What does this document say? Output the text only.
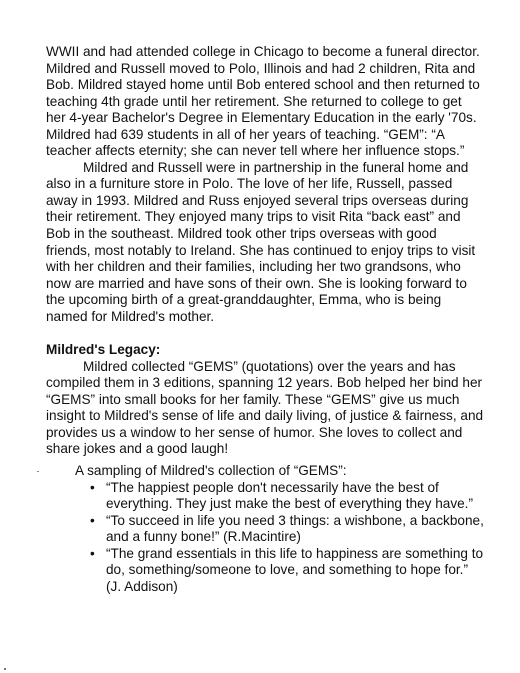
WWII and had attended college in Chicago to become a funeral director. Mildred and Russell moved to Polo, Illinois and had 2 children, Rita and Bob. Mildred stayed home until Bob entered school and then returned to teaching 4th grade until her retirement. She returned to college to get her 4-year Bachelor's Degree in Elementary Education in the early '70s. Mildred had 639 students in all of her years of teaching. “GEM”: “A teacher affects eternity; she can never tell where her influence stops.”

Mildred and Russell were in partnership in the funeral home and also in a furniture store in Polo. The love of her life, Russell, passed away in 1993. Mildred and Russ enjoyed several trips overseas during their retirement. They enjoyed many trips to visit Rita “back east” and Bob in the southeast. Mildred took other trips overseas with good friends, most notably to Ireland. She has continued to enjoy trips to visit with her children and their families, including her two grandsons, who now are married and have sons of their own. She is looking forward to the upcoming birth of a great-granddaughter, Emma, who is being named for Mildred's mother.

Mildred's Legacy:

Mildred collected “GEMS” (quotations) over the years and has compiled them in 3 editions, spanning 12 years. Bob helped her bind her “GEMS” into small books for her family. These “GEMS” give us much insight to Mildred's sense of life and daily living, of justice & fairness, and provides us a window to her sense of humor. She loves to collect and share jokes and a good laugh!

A sampling of Mildred's collection of “GEMS”:

• “The happiest people don't necessarily have the best of everything. They just make the best of everything they have.”
• “To succeed in life you need 3 things: a wishbone, a backbone, and a funny bone!” (R.Macintire)
• “The grand essentials in this life to happiness are something to do, something/someone to love, and something to hope for.” (J. Addison)
